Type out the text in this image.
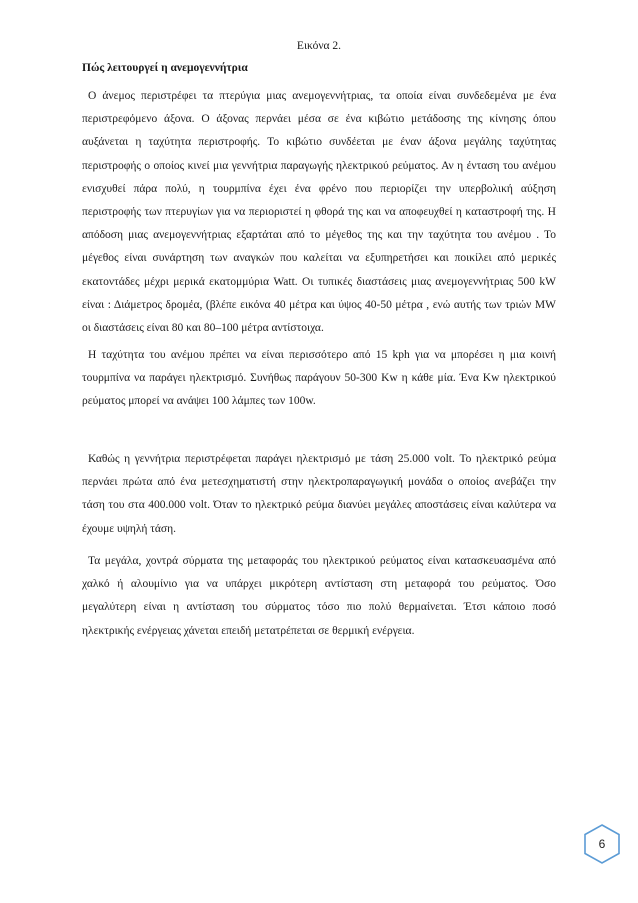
Εικόνα 2.
Πώς λειτουργεί η ανεμογεννήτρια

Ο άνεμος περιστρέφει τα πτερύγια μιας ανεμογεννήτριας, τα οποία είναι συνδεδεμένα με ένα περιστρεφόμενο άξονα. Ο άξονας περνάει μέσα σε ένα κιβώτιο μετάδοσης της κίνησης όπου αυξάνεται η ταχύτητα περιστροφής. Το κιβώτιο συνδέεται με έναν άξονα μεγάλης ταχύτητας περιστροφής ο οποίος κινεί μια γεννήτρια παραγωγής ηλεκτρικού ρεύματος. Αν η ένταση του ανέμου ενισχυθεί πάρα πολύ, η τουρμπίνα έχει ένα φρένο που περιορίζει την υπερβολική αύξηση περιστροφής των πτερυγίων για να περιοριστεί η φθορά της και να αποφευχθεί η καταστροφή της. Η απόδοση μιας ανεμογεννήτριας εξαρτάται από το μέγεθος της και την ταχύτητα του ανέμου . Το μέγεθος είναι συνάρτηση των αναγκών που καλείται να εξυπηρετήσει και ποικίλει από μερικές εκατοντάδες μέχρι μερικά εκατομμύρια Watt. Οι τυπικές διαστάσεις μιας ανεμογεννήτριας 500 kW είναι : Διάμετρος δρομέα, (βλέπε εικόνα 40 μέτρα και ύψος 40-50 μέτρα , ενώ αυτής των τριών MW οι διαστάσεις είναι 80 και 80–100 μέτρα αντίστοιχα.

Η ταχύτητα του ανέμου πρέπει να είναι περισσότερο από 15 kph για να μπορέσει η μια κοινή τουρμπίνα να παράγει ηλεκτρισμό. Συνήθως παράγουν 50-300 Kw η κάθε μία. Ένα Kw ηλεκτρικού ρεύματος μπορεί να ανάψει 100 λάμπες των 100w.

Καθώς η γεννήτρια περιστρέφεται παράγει ηλεκτρισμό με τάση 25.000 volt. Το ηλεκτρικό ρεύμα περνάει πρώτα από ένα μετεσχηματιστή στην ηλεκτροπαραγωγική μονάδα ο οποίος ανεβάζει την τάση του στα 400.000 volt. Όταν το ηλεκτρικό ρεύμα διανύει μεγάλες αποστάσεις είναι καλύτερα να έχουμε υψηλή τάση.

Τα μεγάλα, χοντρά σύρματα της μεταφοράς του ηλεκτρικού ρεύματος είναι κατασκευασμένα από χαλκό ή αλουμίνιο για να υπάρχει μικρότερη αντίσταση στη μεταφορά του ρεύματος. Όσο μεγαλύτερη είναι η αντίσταση του σύρματος τόσο πιο πολύ θερμαίνεται. Έτσι κάποιο ποσό ηλεκτρικής ενέργειας χάνεται επειδή μετατρέπεται σε θερμική ενέργεια.

6
